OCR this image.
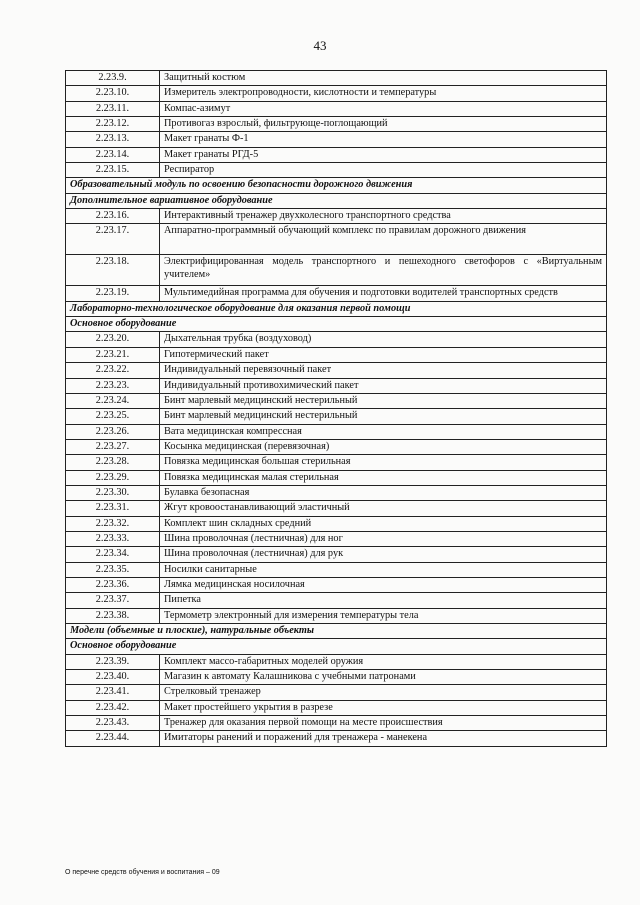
43
2.23.9.	Защитный костюм
2.23.10.	Измеритель электропроводности, кислотности и температуры
2.23.11.	Компас-азимут
2.23.12.	Противогаз взрослый, фильтрующе-поглощающий
2.23.13.	Макет гранаты Ф-1
2.23.14.	Макет гранаты РГД-5
2.23.15.	Респиратор
Образовательный модуль по освоению безопасности дорожного движения	
Дополнительное вариативное оборудование	
2.23.16.	Интерактивный тренажер двухколесного транспортного средства
2.23.17.	Аппаратно-программный обучающий комплекс по правилам дорожного движения
2.23.18.	Электрифицированная модель транспортного и пешеходного светофоров с «Виртуальным учителем»
2.23.19.	Мультимедийная программа для обучения и подготовки водителей транспортных средств
Лабораторно-технологическое оборудование для оказания первой помощи	
Основное оборудование	
2.23.20.	Дыхательная трубка (воздуховод)
2.23.21.	Гипотермический пакет
2.23.22.	Индивидуальный перевязочный пакет
2.23.23.	Индивидуальный противохимический пакет
2.23.24.	Бинт марлевый медицинский нестерильный
2.23.25.	Бинт марлевый медицинский нестерильный
2.23.26.	Вата медицинская компрессная
2.23.27.	Косынка медицинская (перевязочная)
2.23.28.	Повязка медицинская большая стерильная
2.23.29.	Повязка медицинская малая стерильная
2.23.30.	Булавка безопасная
2.23.31.	Жгут кровоостанавливающий эластичный
2.23.32.	Комплект шин складных средний
2.23.33.	Шина проволочная (лестничная) для ног
2.23.34.	Шина проволочная (лестничная) для рук
2.23.35.	Носилки санитарные
2.23.36.	Лямка медицинская носилочная
2.23.37.	Пипетка
2.23.38.	Термометр электронный для измерения температуры тела
Модели (объемные и плоские), натуральные объекты	
Основное оборудование	
2.23.39.	Комплект массо-габаритных моделей оружия
2.23.40.	Магазин к автомату Калашникова с учебными патронами
2.23.41.	Стрелковый тренажер
2.23.42.	Макет простейшего укрытия в разрезе
2.23.43.	Тренажер для оказания первой помощи на месте происшествия
2.23.44.	Имитаторы ранений и поражений для тренажера - манекена
О перечне средств обучения и воспитания – 09
